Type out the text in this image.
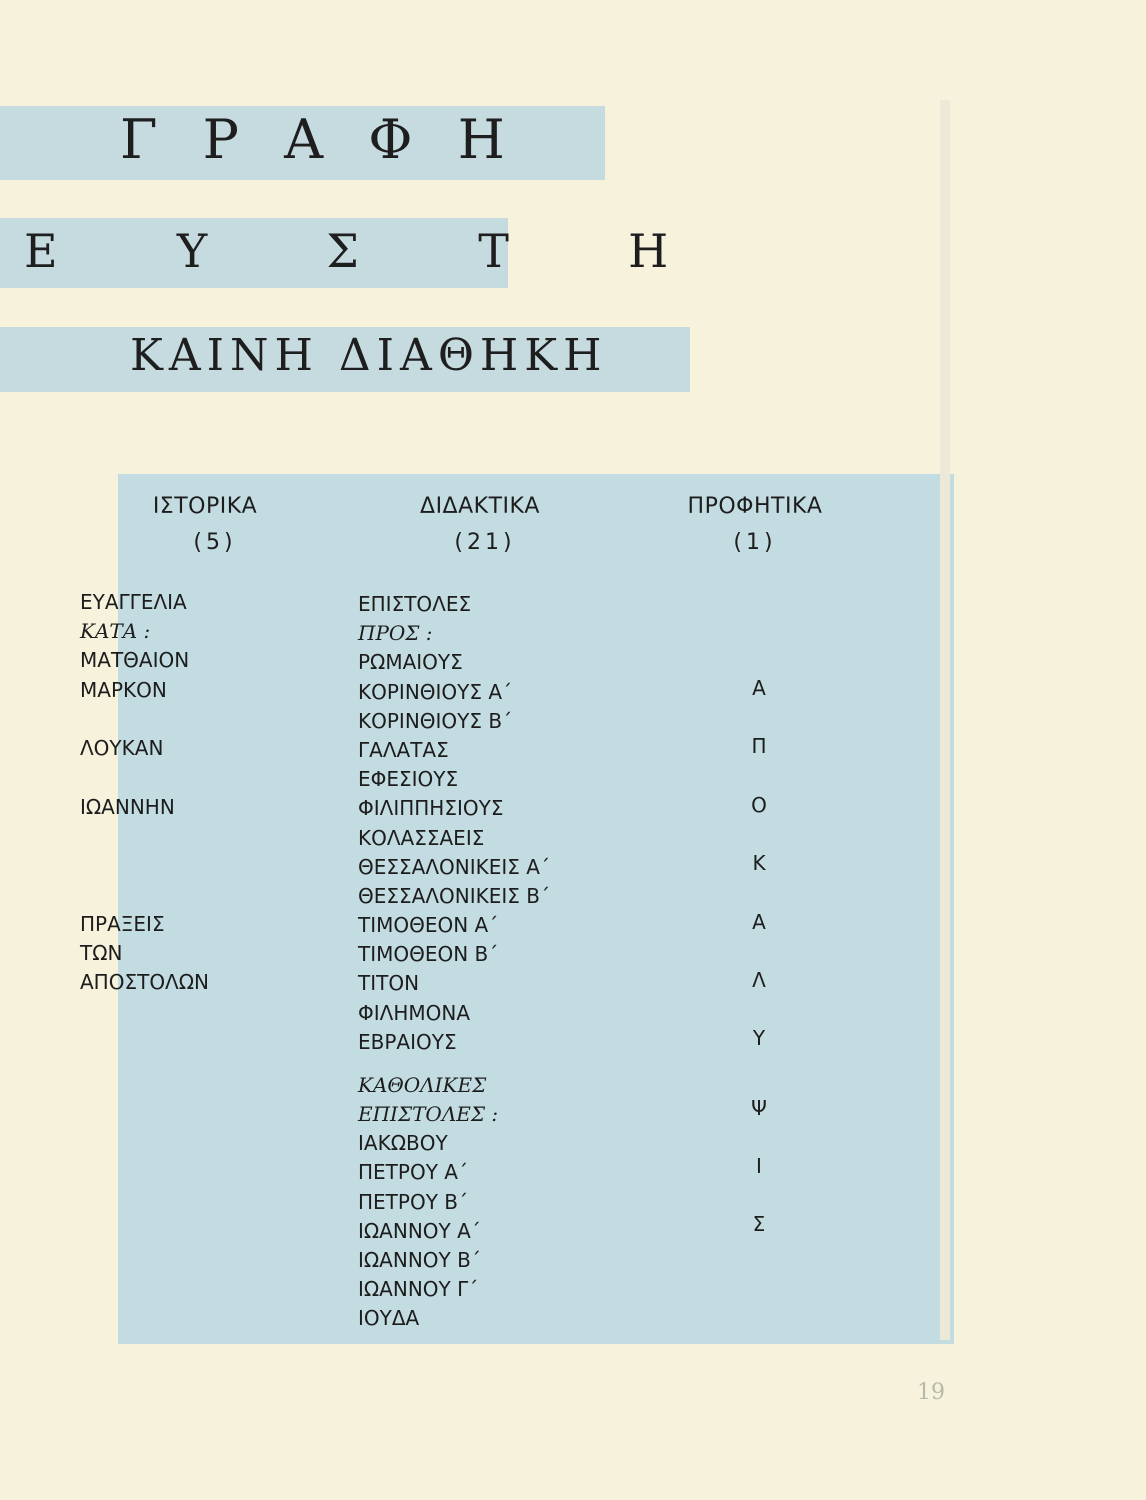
Γ Ρ Α Φ Η
Ε  Υ  Σ  Τ  Η
ΚΑΙΝΗ ΔΙΑΘΗΚΗ
ΙΣΤΟΡΙΚΑ
(5)
ΔΙΔΑΚΤΙΚΑ
(21)
ΠΡΟΦΗΤΙΚΑ
(1)
ΕΥΑΓΓΕΛΙΑ
ΚΑΤΑ :
ΜΑΤΘΑΙΟΝ
ΜΑΡΚΟΝ
ΛΟΥΚΑΝ
ΙΩΑΝΝΗΝ
ΠΡΑΞΕΙΣ
ΤΩΝ
ΑΠΟΣΤΟΛΩΝ
ΕΠΙΣΤΟΛΕΣ
ΠΡΟΣ :
ΡΩΜΑΙΟΥΣ
ΚΟΡΙΝΘΙΟΥΣ Α΄
ΚΟΡΙΝΘΙΟΥΣ Β΄
ΓΑΛΑΤΑΣ
ΕΦΕΣΙΟΥΣ
ΦΙΛΙΠΠΗΣΙΟΥΣ
ΚΟΛΑΣΣΑΕΙΣ
ΘΕΣΣΑΛΟΝΙΚΕΙΣ Α΄
ΘΕΣΣΑΛΟΝΙΚΕΙΣ Β΄
ΤΙΜΟΘΕΟΝ Α΄
ΤΙΜΟΘΕΟΝ Β΄
ΤΙΤΟΝ
ΦΙΛΗΜΟΝΑ
ΕΒΡΑΙΟΥΣ
ΚΑΘΟΛΙΚΕΣ
ΕΠΙΣΤΟΛΕΣ :
ΙΑΚΩΒΟΥ
ΠΕΤΡΟΥ Α΄
ΠΕΤΡΟΥ Β΄
ΙΩΑΝΝΟΥ Α΄
ΙΩΑΝΝΟΥ Β΄
ΙΩΑΝΝΟΥ Γ΄
ΙΟΥΔΑ
Α
Π
Ο
Κ
Α
Λ
Υ
Ψ
Ι
Σ
19
